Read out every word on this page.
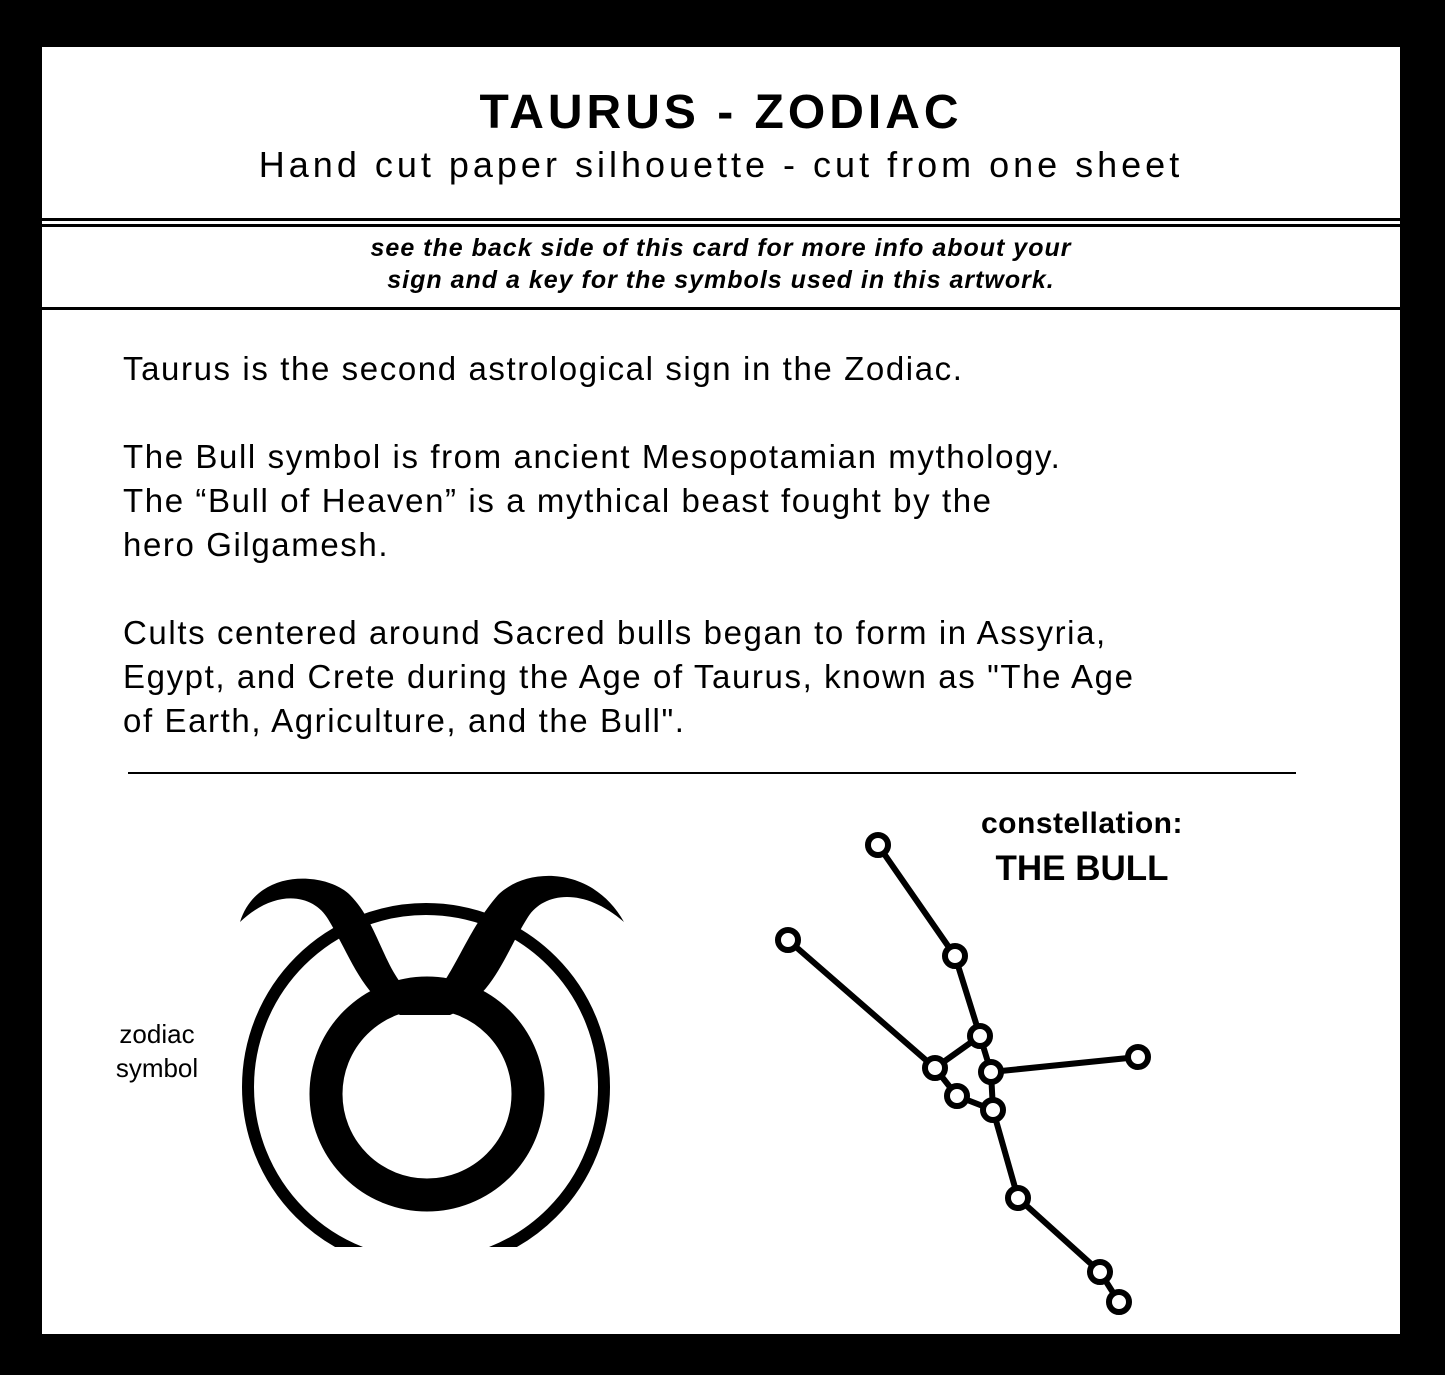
TAURUS - ZODIAC
Hand cut paper silhouette - cut from one sheet
see the back side of this card for more info about your
sign and a key for the symbols used in this artwork.

Taurus is the second astrological sign in the Zodiac.

The Bull symbol is from ancient Mesopotamian mythology.
The “Bull of Heaven” is a mythical beast fought by the
hero Gilgamesh.

Cults centered around Sacred bulls began to form in Assyria,
Egypt, and Crete during the Age of Taurus, known as "The Age
of Earth, Agriculture, and the Bull".

zodiac
symbol
constellation:
THE BULL
